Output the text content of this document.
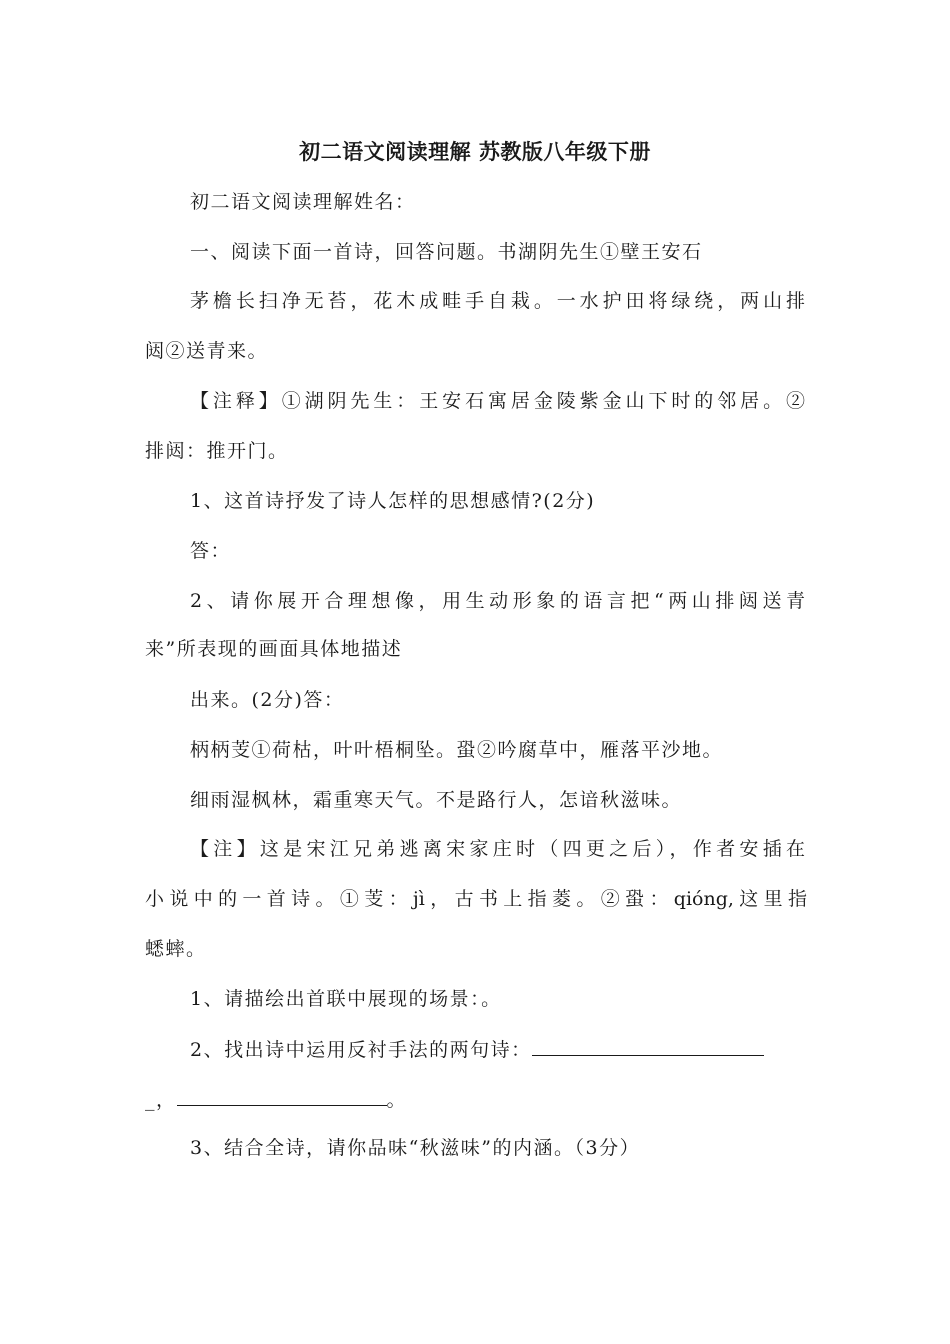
初二语文阅读理解 苏教版八年级下册
初二语文阅读理解姓名：
一、阅读下面一首诗，回答问题。书湖阴先生①壁王安石
茅檐长扫净无苔，花木成畦手自栽。一水护田将绿绕，两山排
闼②送青来。
【注释】①湖阴先生：王安石寓居金陵紫金山下时的邻居。②
排闼：推开门。
1、这首诗抒发了诗人怎样的思想感情?(2分)
答：
2、请你展开合理想像，用生动形象的语言把“两山排闼送青
来”所表现的画面具体地描述
出来。(2分)答：
柄柄芰①荷枯，叶叶梧桐坠。蛩②吟腐草中，雁落平沙地。
细雨湿枫林，霜重寒天气。不是路行人，怎谙秋滋味。
【注】这是宋江兄弟逃离宋家庄时（四更之后），作者安插在
小说中的一首诗。①芰：jì，古书上指菱。②蛩：qióng,这里指
蟋蟀。
1、请描绘出首联中展现的场景：。
2、找出诗中运用反衬手法的两句诗：
_，	。
3、结合全诗，请你品味“秋滋味”的内涵。（3分）
